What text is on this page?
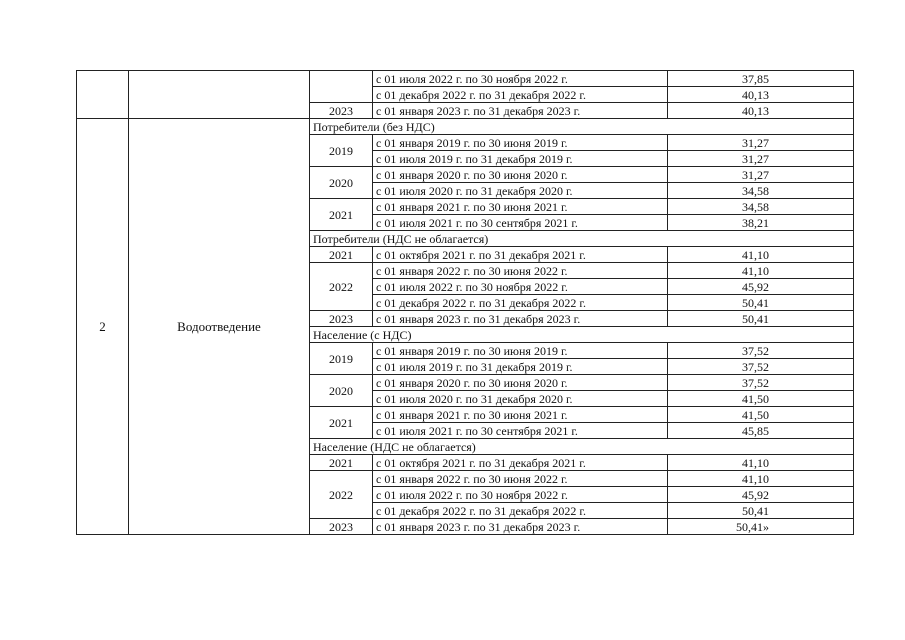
			с 01 июля 2022 г. по 30 ноября 2022 г.	37,85
			с 01 декабря 2022 г. по 31 декабря 2022 г.	40,13
		2023	с 01 января 2023 г. по 31 декабря 2023 г.	40,13
2	Водоотведение	Потребители (без НДС)		
		2019	с 01 января 2019 г. по 30 июня 2019 г.	31,27
			с 01 июля 2019 г. по 31 декабря 2019 г.	31,27
		2020	с 01 января 2020 г. по 30 июня 2020 г.	31,27
			с 01 июля 2020 г. по 31 декабря 2020 г.	34,58
		2021	с 01 января 2021 г. по 30 июня 2021 г.	34,58
			с 01 июля 2021 г. по 30 сентября 2021 г.	38,21
		Потребители (НДС не облагается)		
		2021	с 01 октября 2021 г. по 31 декабря 2021 г.	41,10
		2022	с 01 января 2022 г. по 30 июня 2022 г.	41,10
			с 01 июля 2022 г. по 30 ноября 2022 г.	45,92
			с 01 декабря 2022 г. по 31 декабря 2022 г.	50,41
		2023	с 01 января 2023 г. по 31 декабря 2023 г.	50,41
		Население (с НДС)		
		2019	с 01 января 2019 г. по 30 июня 2019 г.	37,52
			с 01 июля 2019 г. по 31 декабря 2019 г.	37,52
		2020	с 01 января 2020 г. по 30 июня 2020 г.	37,52
			с 01 июля 2020 г. по 31 декабря 2020 г.	41,50
		2021	с 01 января 2021 г. по 30 июня 2021 г.	41,50
			с 01 июля 2021 г. по 30 сентября 2021 г.	45,85
		Население (НДС не облагается)		
		2021	с 01 октября 2021 г. по 31 декабря 2021 г.	41,10
		2022	с 01 января 2022 г. по 30 июня 2022 г.	41,10
			с 01 июля 2022 г. по 30 ноября 2022 г.	45,92
			с 01 декабря 2022 г. по 31 декабря 2022 г.	50,41
		2023	с 01 января 2023 г. по 31 декабря 2023 г.	50,41»
